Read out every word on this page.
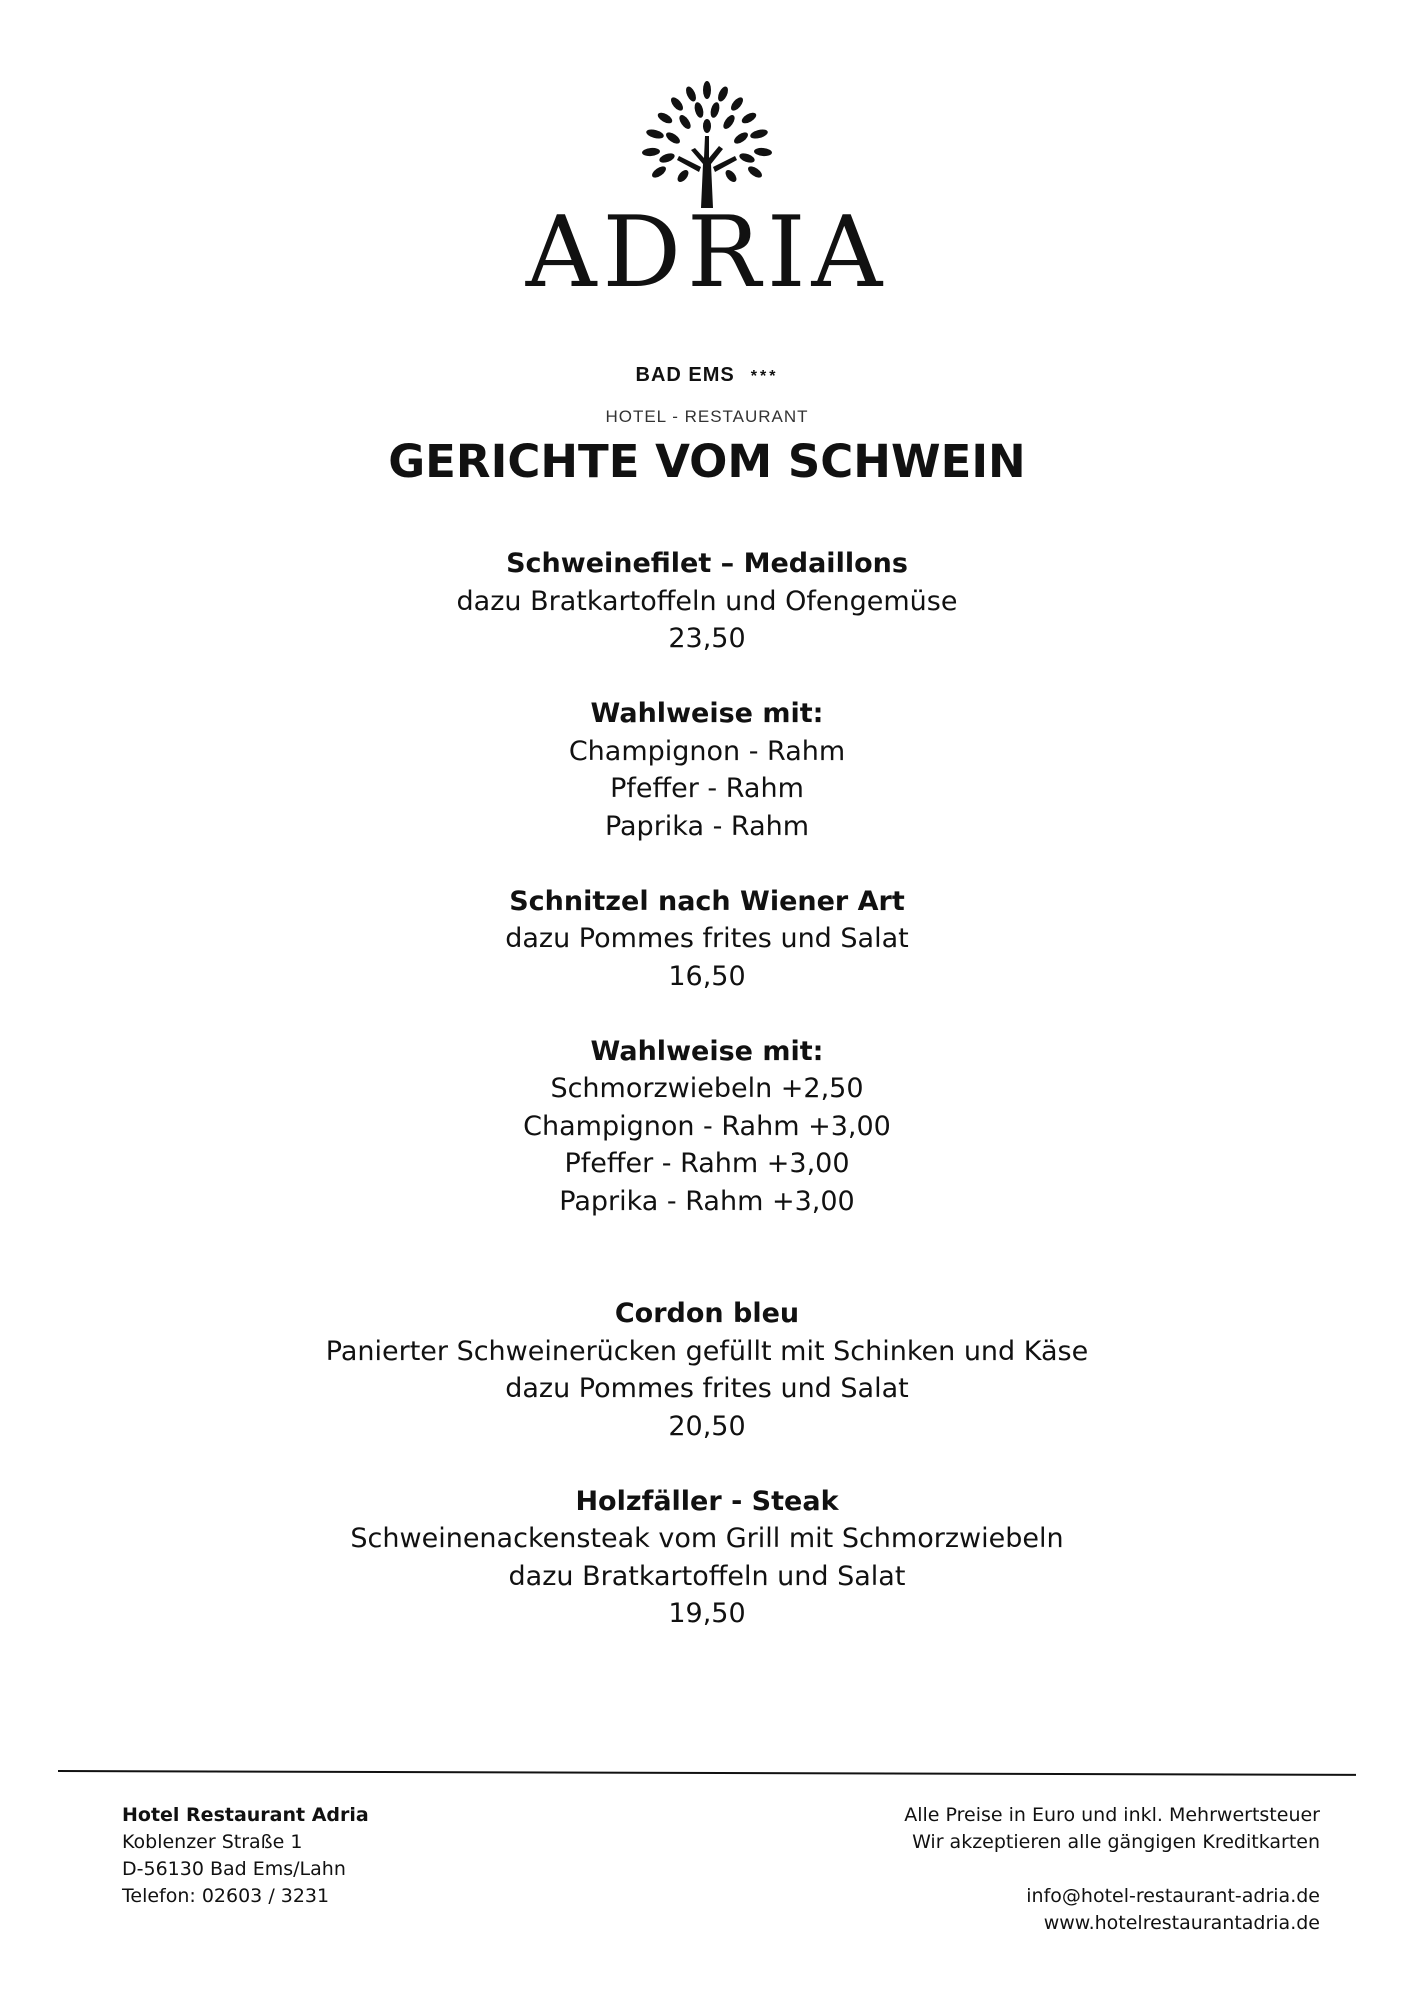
ADRIA
BAD EMS ***
HOTEL - RESTAURANT
GERICHTE VOM SCHWEIN
Schweinefilet – Medaillons
dazu Bratkartoffeln und Ofengemüse
23,50
Wahlweise mit:
Champignon - Rahm
Pfeffer - Rahm
Paprika - Rahm
Schnitzel nach Wiener Art
dazu Pommes frites und Salat
16,50
Wahlweise mit:
Schmorzwiebeln +2,50
Champignon - Rahm +3,00
Pfeffer - Rahm +3,00
Paprika - Rahm +3,00
Cordon bleu
Panierter Schweinerücken gefüllt mit Schinken und Käse
dazu Pommes frites und Salat
20,50
Holzfäller - Steak
Schweinenackensteak vom Grill mit Schmorzwiebeln
dazu Bratkartoffeln und Salat
19,50
Hotel Restaurant Adria
Koblenzer Straße 1
D-56130 Bad Ems/Lahn
Telefon: 02603 / 3231
Alle Preise in Euro und inkl. Mehrwertsteuer
Wir akzeptieren alle gängigen Kreditkarten
info@hotel-restaurant-adria.de
www.hotelrestaurantadria.de
